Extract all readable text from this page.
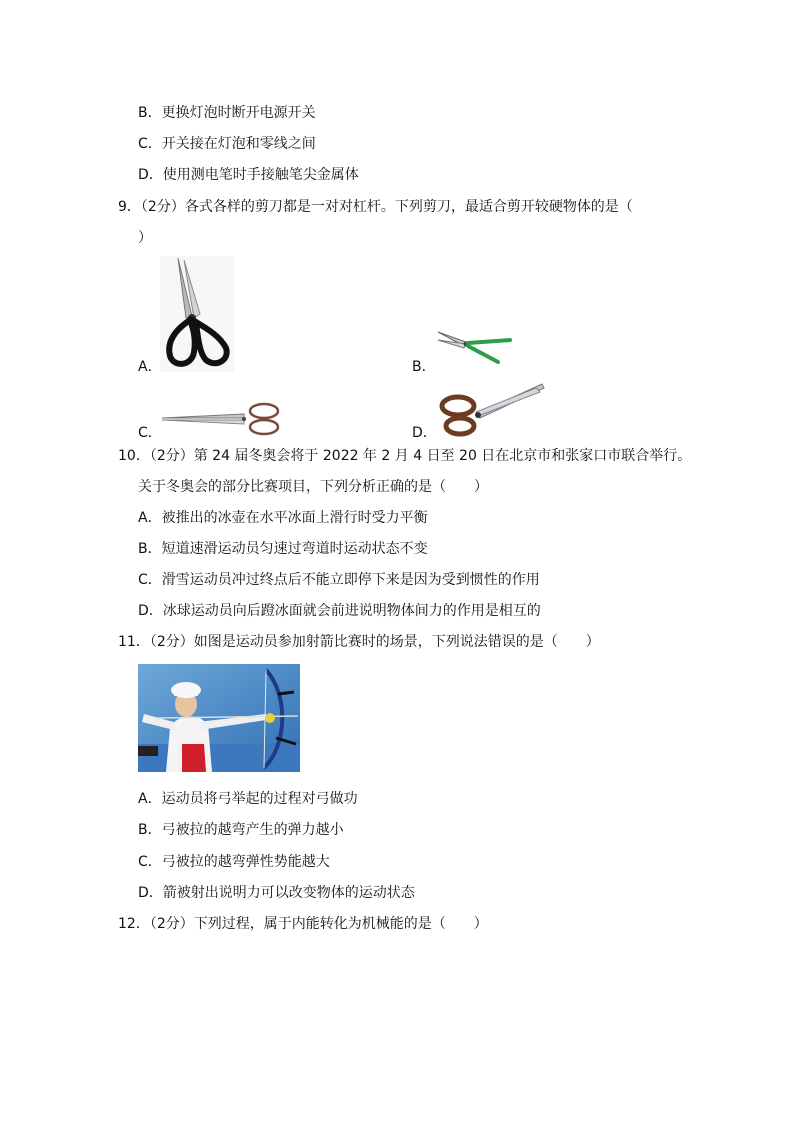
B．更换灯泡时断开电源开关
C．开关接在灯泡和零线之间
D．使用测电笔时手接触笔尖金属体
9．（2分）各式各样的剪刀都是一对对杠杆。下列剪刀，最适合剪开较硬物体的是（
）
A．	B．
C．	D．
10．（2分）第 24 届冬奥会将于 2022 年 2 月 4 日至 20 日在北京市和张家口市联合举行。
关于冬奥会的部分比赛项目，下列分析正确的是（　　）
A．被推出的冰壶在水平冰面上滑行时受力平衡
B．短道速滑运动员匀速过弯道时运动状态不变
C．滑雪运动员冲过终点后不能立即停下来是因为受到惯性的作用
D．冰球运动员向后蹬冰面就会前进说明物体间力的作用是相互的
11．（2分）如图是运动员参加射箭比赛时的场景，下列说法错误的是（　　）
A．运动员将弓举起的过程对弓做功
B．弓被拉的越弯产生的弹力越小
C．弓被拉的越弯弹性势能越大
D．箭被射出说明力可以改变物体的运动状态
12．（2分）下列过程，属于内能转化为机械能的是（　　）
